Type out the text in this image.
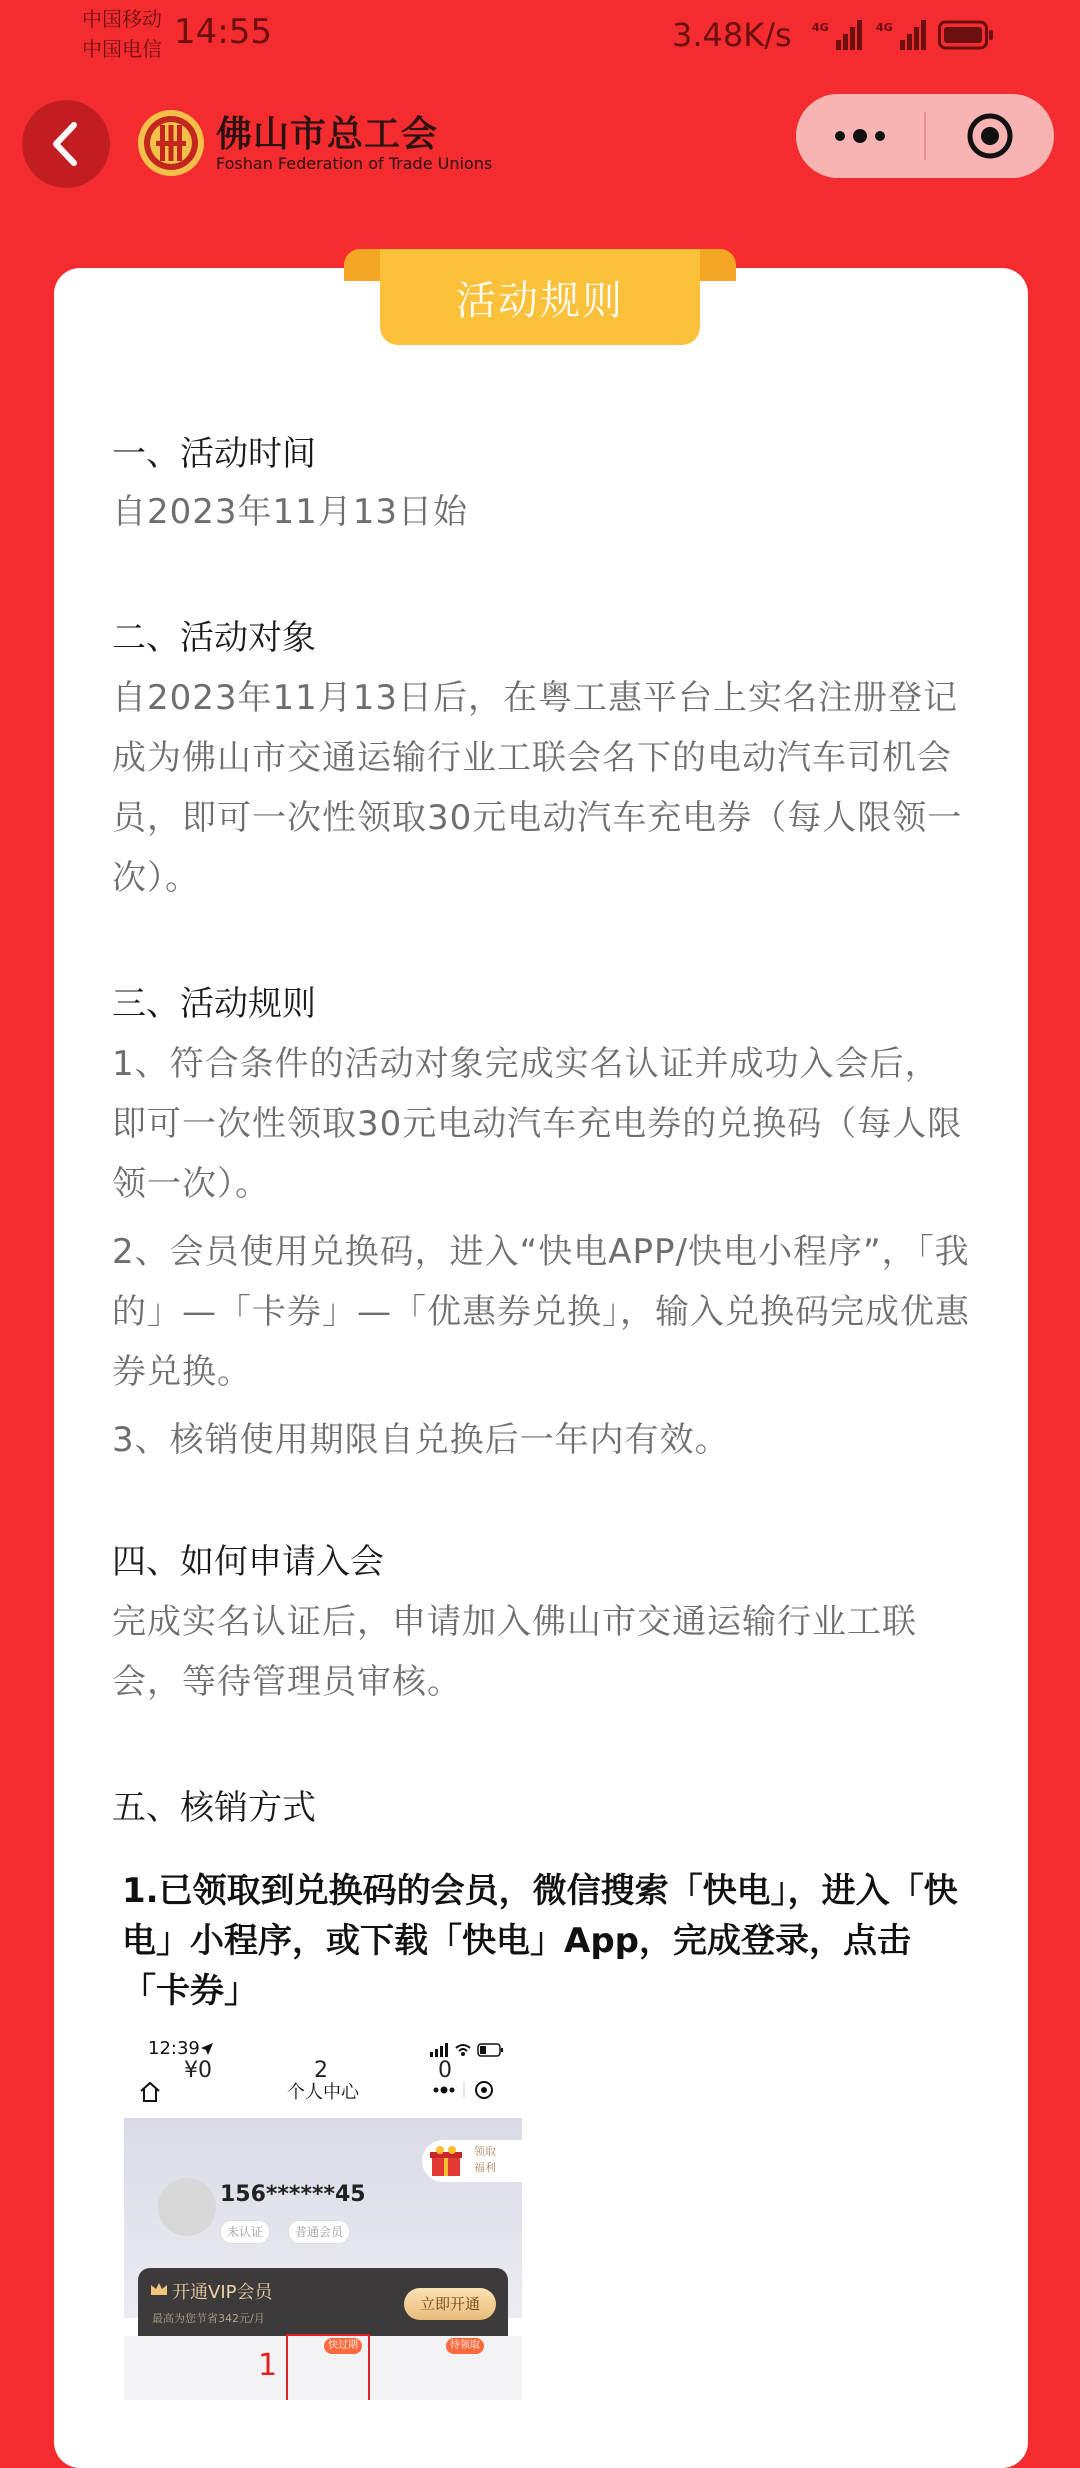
中国移动
中国电信 14:55	3.48K/s 4G	4G
佛山市总工会
Foshan Federation of Trade Unions
活动规则
一、活动时间
自2023年11月13日始
二、活动对象
自2023年11月13日后，在粤工惠平台上实名注册登记成为佛山市交通运输行业工联会名下的电动汽车司机会员，即可一次性领取30元电动汽车充电券（每人限领一次）。
三、活动规则
1、符合条件的活动对象完成实名认证并成功入会后，即可一次性领取30元电动汽车充电券的兑换码（每人限领一次）。
2、会员使用兑换码，进入“快电APP/快电小程序”，「我的」—「卡券」—「优惠券兑换」，输入兑换码完成优惠券兑换。
3、核销使用期限自兑换后一年内有效。
四、如何申请入会
完成实名认证后，申请加入佛山市交通运输行业工联会，等待管理员审核。
五、核销方式
1.已领取到兑换码的会员，微信搜索「快电」，进入「快电」小程序，或下载「快电」App，完成登录，点击「卡券」
12:39
个人中心
领取福利
156******45
未认证	普通会员
开通VIP会员
最高为您节省342元/月
立即开通
¥0	2	0
快过期	待领取
1
